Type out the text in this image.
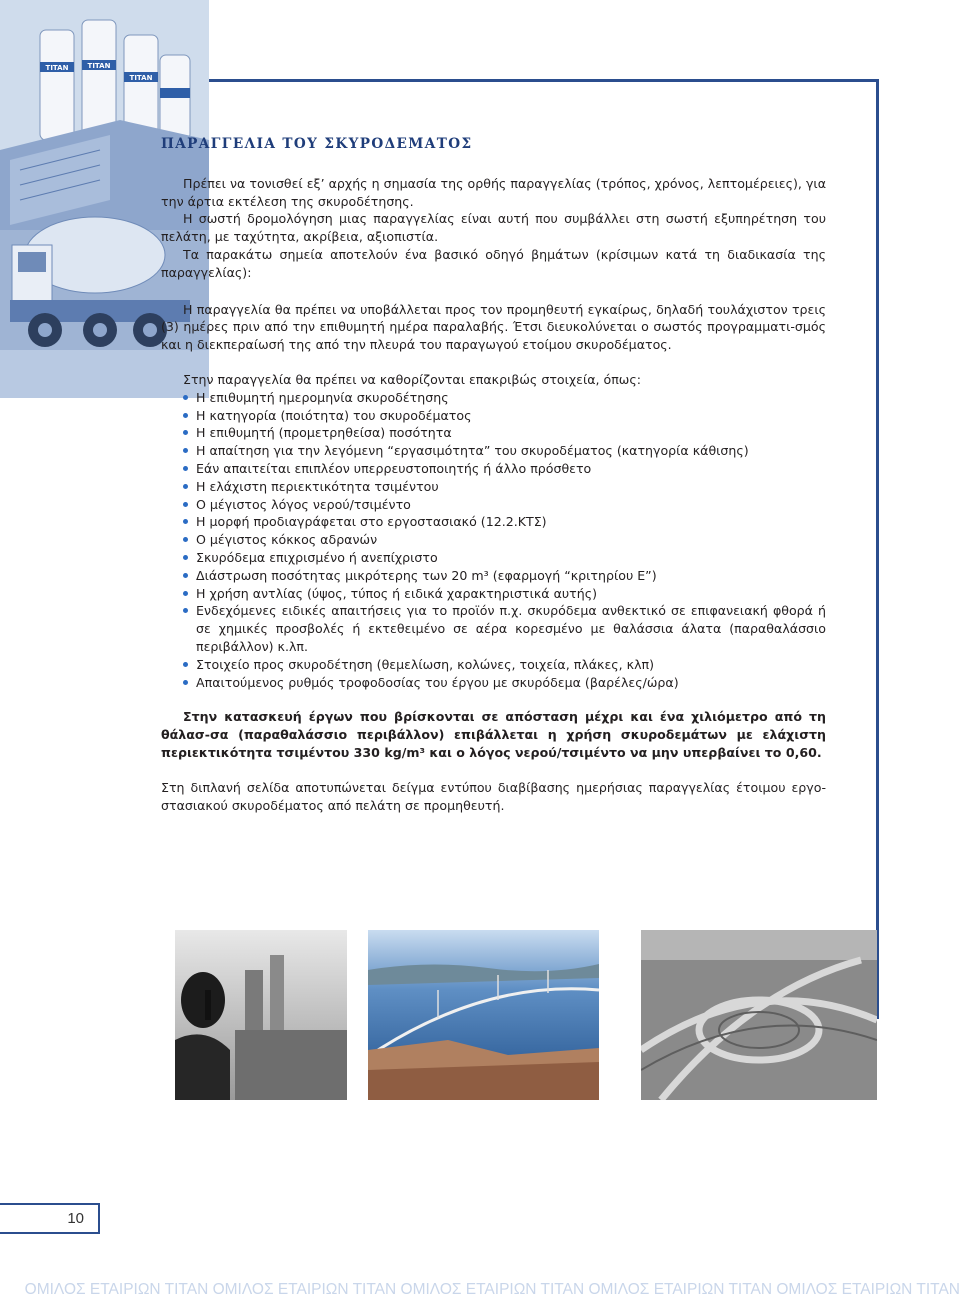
TITAN	TITAN
TITAN
ΠΑΡΑΓΓΕΛΙΑ ΤΟΥ ΣΚΥΡΟΔΕΜΑΤΟΣ

Πρέπει να τονισθεί εξ’ αρχής η σημασία της ορθής παραγγελίας (τρόπος, χρόνος, λεπτομέρειες), για την άρτια εκτέλεση της σκυροδέτησης.

Η σωστή δρομολόγηση μιας παραγγελίας είναι αυτή που συμβάλλει στη σωστή εξυπηρέτηση του πελάτη, με ταχύτητα, ακρίβεια, αξιοπιστία.

Τα παρακάτω σημεία αποτελούν ένα βασικό οδηγό βημάτων (κρίσιμων κατά τη διαδικασία της παραγγελίας):

Η παραγγελία θα πρέπει να υποβάλλεται προς τον προμηθευτή εγκαίρως, δηλαδή τουλάχιστον τρεις (3) ημέρες πριν από την επιθυμητή ημέρα παραλαβής. Έτσι διευκολύνεται ο σωστός προγραμματι-σμός και η διεκπεραίωσή της από την πλευρά του παραγωγού ετοίμου σκυροδέματος.

Στην παραγγελία θα πρέπει να καθορίζονται επακριβώς στοιχεία, όπως:

Η επιθυμητή ημερομηνία σκυροδέτησης
Η κατηγορία (ποιότητα) του σκυροδέματος
Η επιθυμητή (προμετρηθείσα) ποσότητα
Η απαίτηση για την λεγόμενη “εργασιμότητα” του σκυροδέματος (κατηγορία κάθισης)
Εάν απαιτείται επιπλέον υπερρευστοποιητής ή άλλο πρόσθετο
Η ελάχιστη περιεκτικότητα τσιμέντου
Ο μέγιστος λόγος νερού/τσιμέντο
Η μορφή προδιαγράφεται στο εργοστασιακό (12.2.ΚΤΣ)
Ο μέγιστος κόκκος αδρανών
Σκυρόδεμα επιχρισμένο ή ανεπίχριστο
Διάστρωση ποσότητας μικρότερης των 20 m³ (εφαρμογή “κριτηρίου Ε”)
Η χρήση αντλίας (ύψος, τύπος ή ειδικά χαρακτηριστικά αυτής)
Ενδεχόμενες ειδικές απαιτήσεις για το προϊόν π.χ. σκυρόδεμα ανθεκτικό σε επιφανειακή φθορά ή σε χημικές προσβολές ή εκτεθειμένο σε αέρα κορεσμένο με θαλάσσια άλατα (παραθαλάσσιο περιβάλλον) κ.λπ.
Στοιχείο προς σκυροδέτηση (θεμελίωση, κολώνες, τοιχεία, πλάκες, κλπ)
Απαιτούμενος ρυθμός τροφοδοσίας του έργου με σκυρόδεμα (βαρέλες/ώρα)

Στην κατασκευή έργων που βρίσκονται σε απόσταση μέχρι και ένα χιλιόμετρο από τη θάλασ-σα (παραθαλάσσιο περιβάλλον) επιβάλλεται η χρήση σκυροδεμάτων με ελάχιστη περιεκτικότητα τσιμέντου 330 kg/m³ και ο λόγος νερού/τσιμέντο να μην υπερβαίνει το 0,60.

Στη διπλανή σελίδα αποτυπώνεται δείγμα εντύπου διαβίβασης ημερήσιας παραγγελίας έτοιμου εργο-στασιακού σκυροδέματος από πελάτη σε προμηθευτή.

10
ΟΜΙΛΟΣ ΕΤΑΙΡΙΩΝ ΤΙΤΑΝ ΟΜΙΛΟΣ ΕΤΑΙΡΙΩΝ ΤΙΤΑΝ ΟΜΙΛΟΣ ΕΤΑΙΡΙΩΝ ΤΙΤΑΝ ΟΜΙΛΟΣ ΕΤΑΙΡΙΩΝ ΤΙΤΑΝ ΟΜΙΛΟΣ ΕΤΑΙΡΙΩΝ ΤΙΤΑΝ
